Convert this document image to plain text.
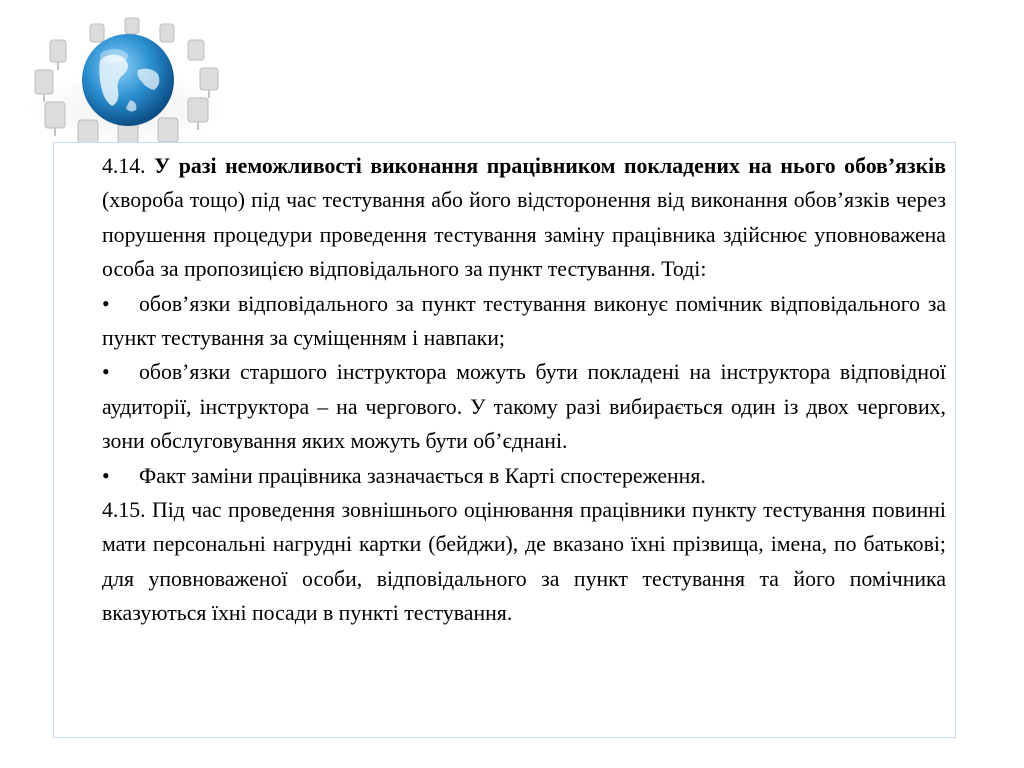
4.14. У разі неможливості виконання працівником покладених на нього обов’язків (хвороба тощо) під час тестування або його відсторонення від виконання обов’язків через порушення процедури проведення тестування заміну працівника здійснює уповноважена особа за пропозицією відповідального за пункт тестування. Тоді:

• обов’язки відповідального за пункт тестування виконує помічник відповідального за пункт тестування за суміщенням і навпаки;

• обов’язки старшого інструктора можуть бути покладені на інструктора відповідної аудиторії, інструктора – на чергового. У такому разі вибирається один із двох чергових, зони обслуговування яких можуть бути об’єднані.

• Факт заміни працівника зазначається в Карті спостереження.

4.15. Під час проведення зовнішнього оцінювання працівники пункту тестування повинні мати персональні нагрудні картки (бейджи), де вказано їхні прізвища, імена, по батькові; для уповноваженої особи, відповідального за пункт тестування та його помічника вказуються їхні посади в пункті тестування.
